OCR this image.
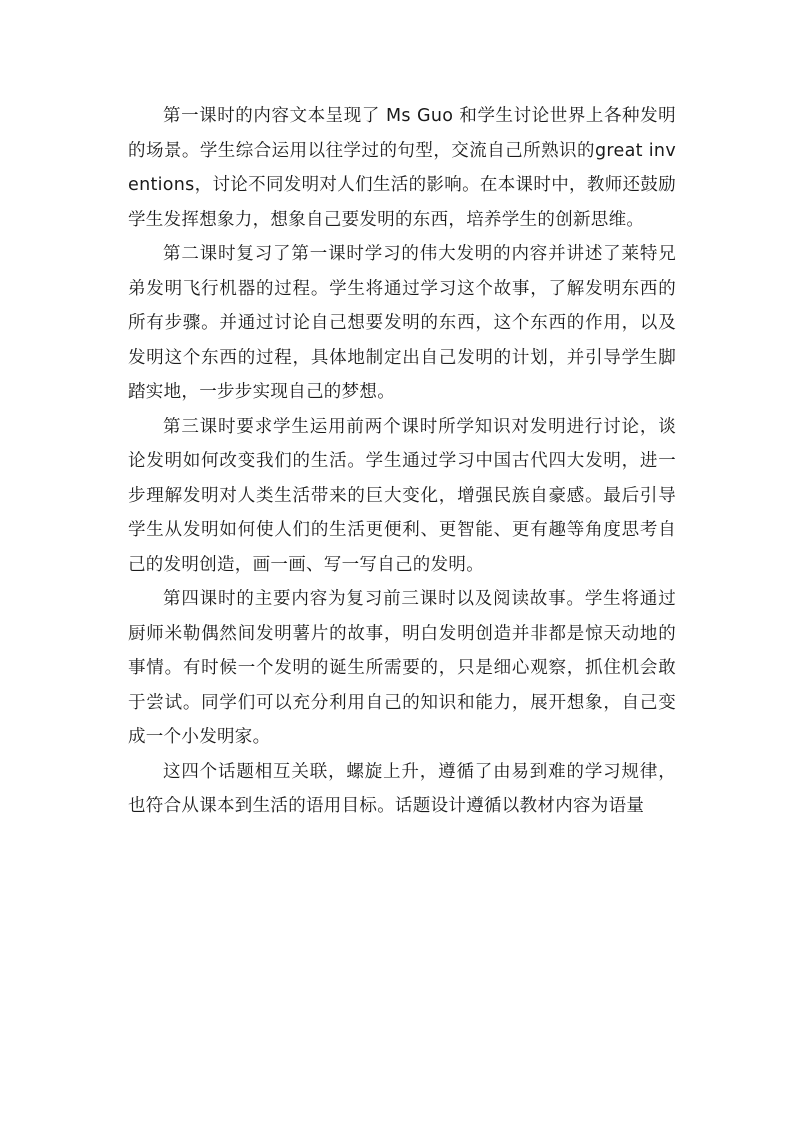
第一课时的内容文本呈现了 Ms Guo 和学生讨论世界上各种发明的场景。学生综合运用以往学过的句型，交流自己所熟识的great inventions，讨论不同发明对人们生活的影响。在本课时中，教师还鼓励学生发挥想象力，想象自己要发明的东西，培养学生的创新思维。

第二课时复习了第一课时学习的伟大发明的内容并讲述了莱特兄弟发明飞行机器的过程。学生将通过学习这个故事，了解发明东西的所有步骤。并通过讨论自己想要发明的东西，这个东西的作用，以及发明这个东西的过程，具体地制定出自己发明的计划，并引导学生脚踏实地，一步步实现自己的梦想。

第三课时要求学生运用前两个课时所学知识对发明进行讨论，谈论发明如何改变我们的生活。学生通过学习中国古代四大发明，进一步理解发明对人类生活带来的巨大变化，增强民族自豪感。最后引导学生从发明如何使人们的生活更便利、更智能、更有趣等角度思考自己的发明创造，画一画、写一写自己的发明。

第四课时的主要内容为复习前三课时以及阅读故事。学生将通过厨师米勒偶然间发明薯片的故事，明白发明创造并非都是惊天动地的事情。有时候一个发明的诞生所需要的，只是细心观察，抓住机会敢于尝试。同学们可以充分利用自己的知识和能力，展开想象，自己变成一个小发明家。

这四个话题相互关联，螺旋上升，遵循了由易到难的学习规律，也符合从课本到生活的语用目标。话题设计遵循以教材内容为语量
